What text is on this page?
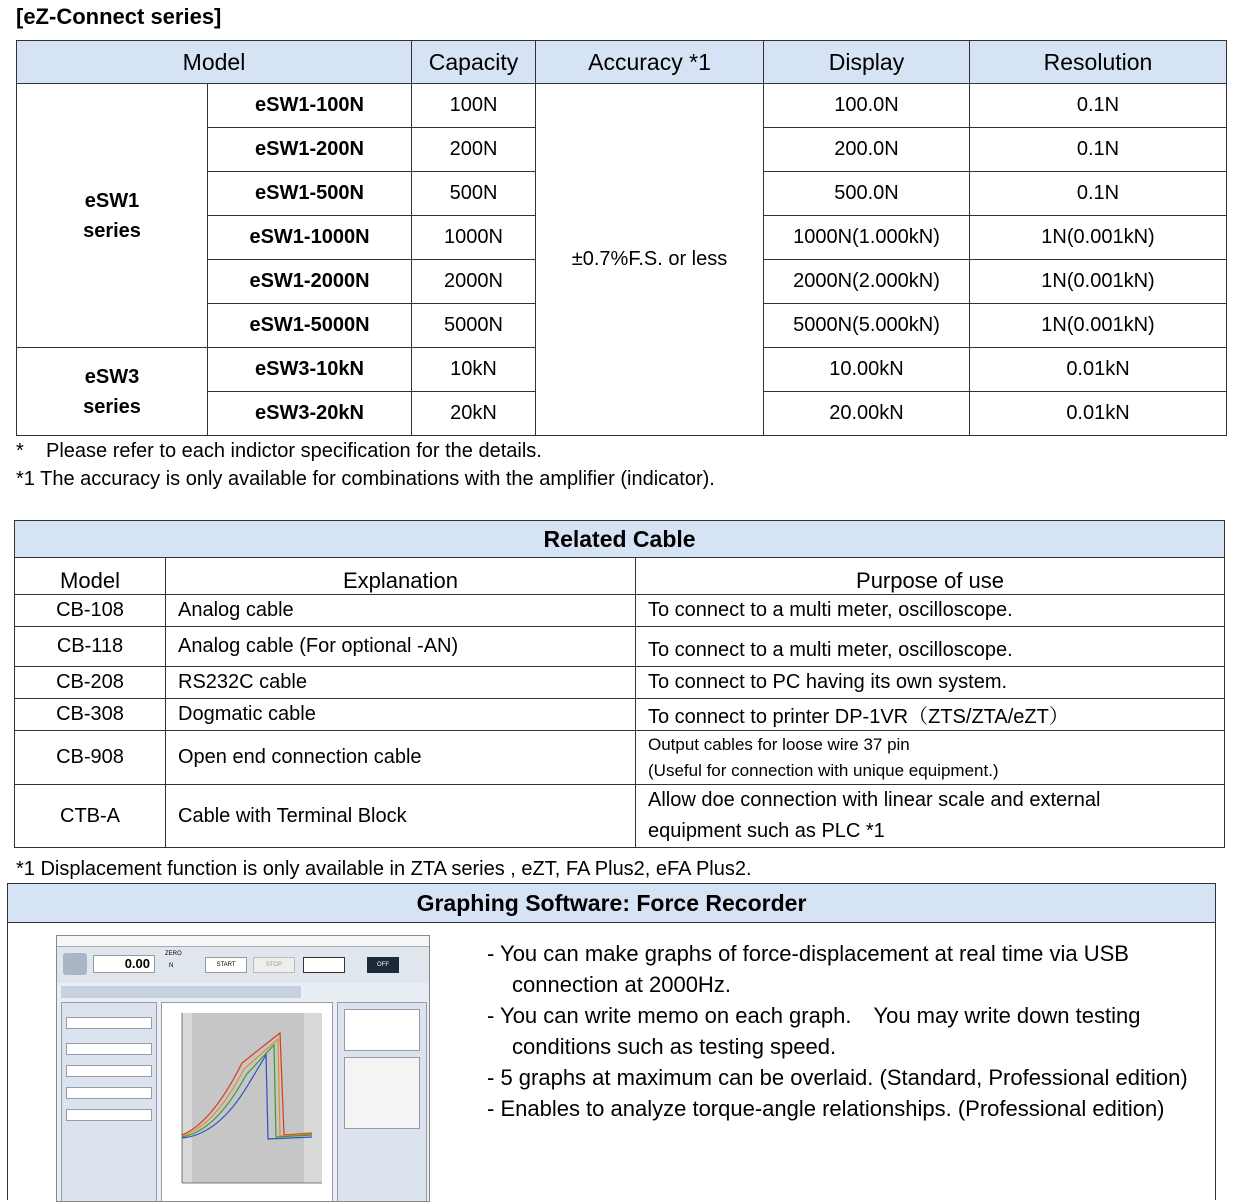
[eZ-Connect series]
Model		Capacity	Accuracy *1	Display	Resolution

eSW1
series	eSW1-100N	100N	±0.7%F.S. or less	100.0N	0.1N
	eSW1-200N	200N		200.0N	0.1N
	eSW1-500N	500N		500.0N	0.1N
	eSW1-1000N	1000N		1000N(1.000kN)	1N(0.001kN)
	eSW1-2000N	2000N		2000N(2.000kN)	1N(0.001kN)
	eSW1-5000N	5000N		5000N(5.000kN)	1N(0.001kN)

eSW3
series	eSW3-10kN	10kN		10.00kN	0.01kN
	eSW3-20kN	20kN		20.00kN	0.01kN
* Please refer to each indictor specification for the details.
*1 The accuracy is only available for combinations with the amplifier (indicator).
Related Cable		
Model	Explanation	Purpose of use
CB-108	Analog cable	To connect to a multi meter, oscilloscope.
CB-118	Analog cable (For optional -AN)	To connect to a multi meter, oscilloscope.
CB-208	RS232C cable	To connect to PC having its own system.
CB-308	Dogmatic cable	To connect to printer DP-1VR（ZTS/ZTA/eZT）
CB-908	Open end connection cable	Output cables for loose wire 37 pin
(Useful for connection with unique equipment.)

CTB-A	Cable with Terminal Block	Allow doe connection with linear scale and external
equipment such as PLC *1
*1 Displacement function is only available in ZTA series , eZT, FA Plus2, eFA Plus2.
Graphing Software: Force Recorder
0.00
ZERO
N	START	STOP	OFF	- You can make graphs of force-displacement at real time via USB connection at 2000Hz.
- You can write memo on each graph.　You may write down testing conditions such as testing speed.
- 5 graphs at maximum can be overlaid. (Standard, Professional edition)
- Enables to analyze torque-angle relationships. (Professional edition)
